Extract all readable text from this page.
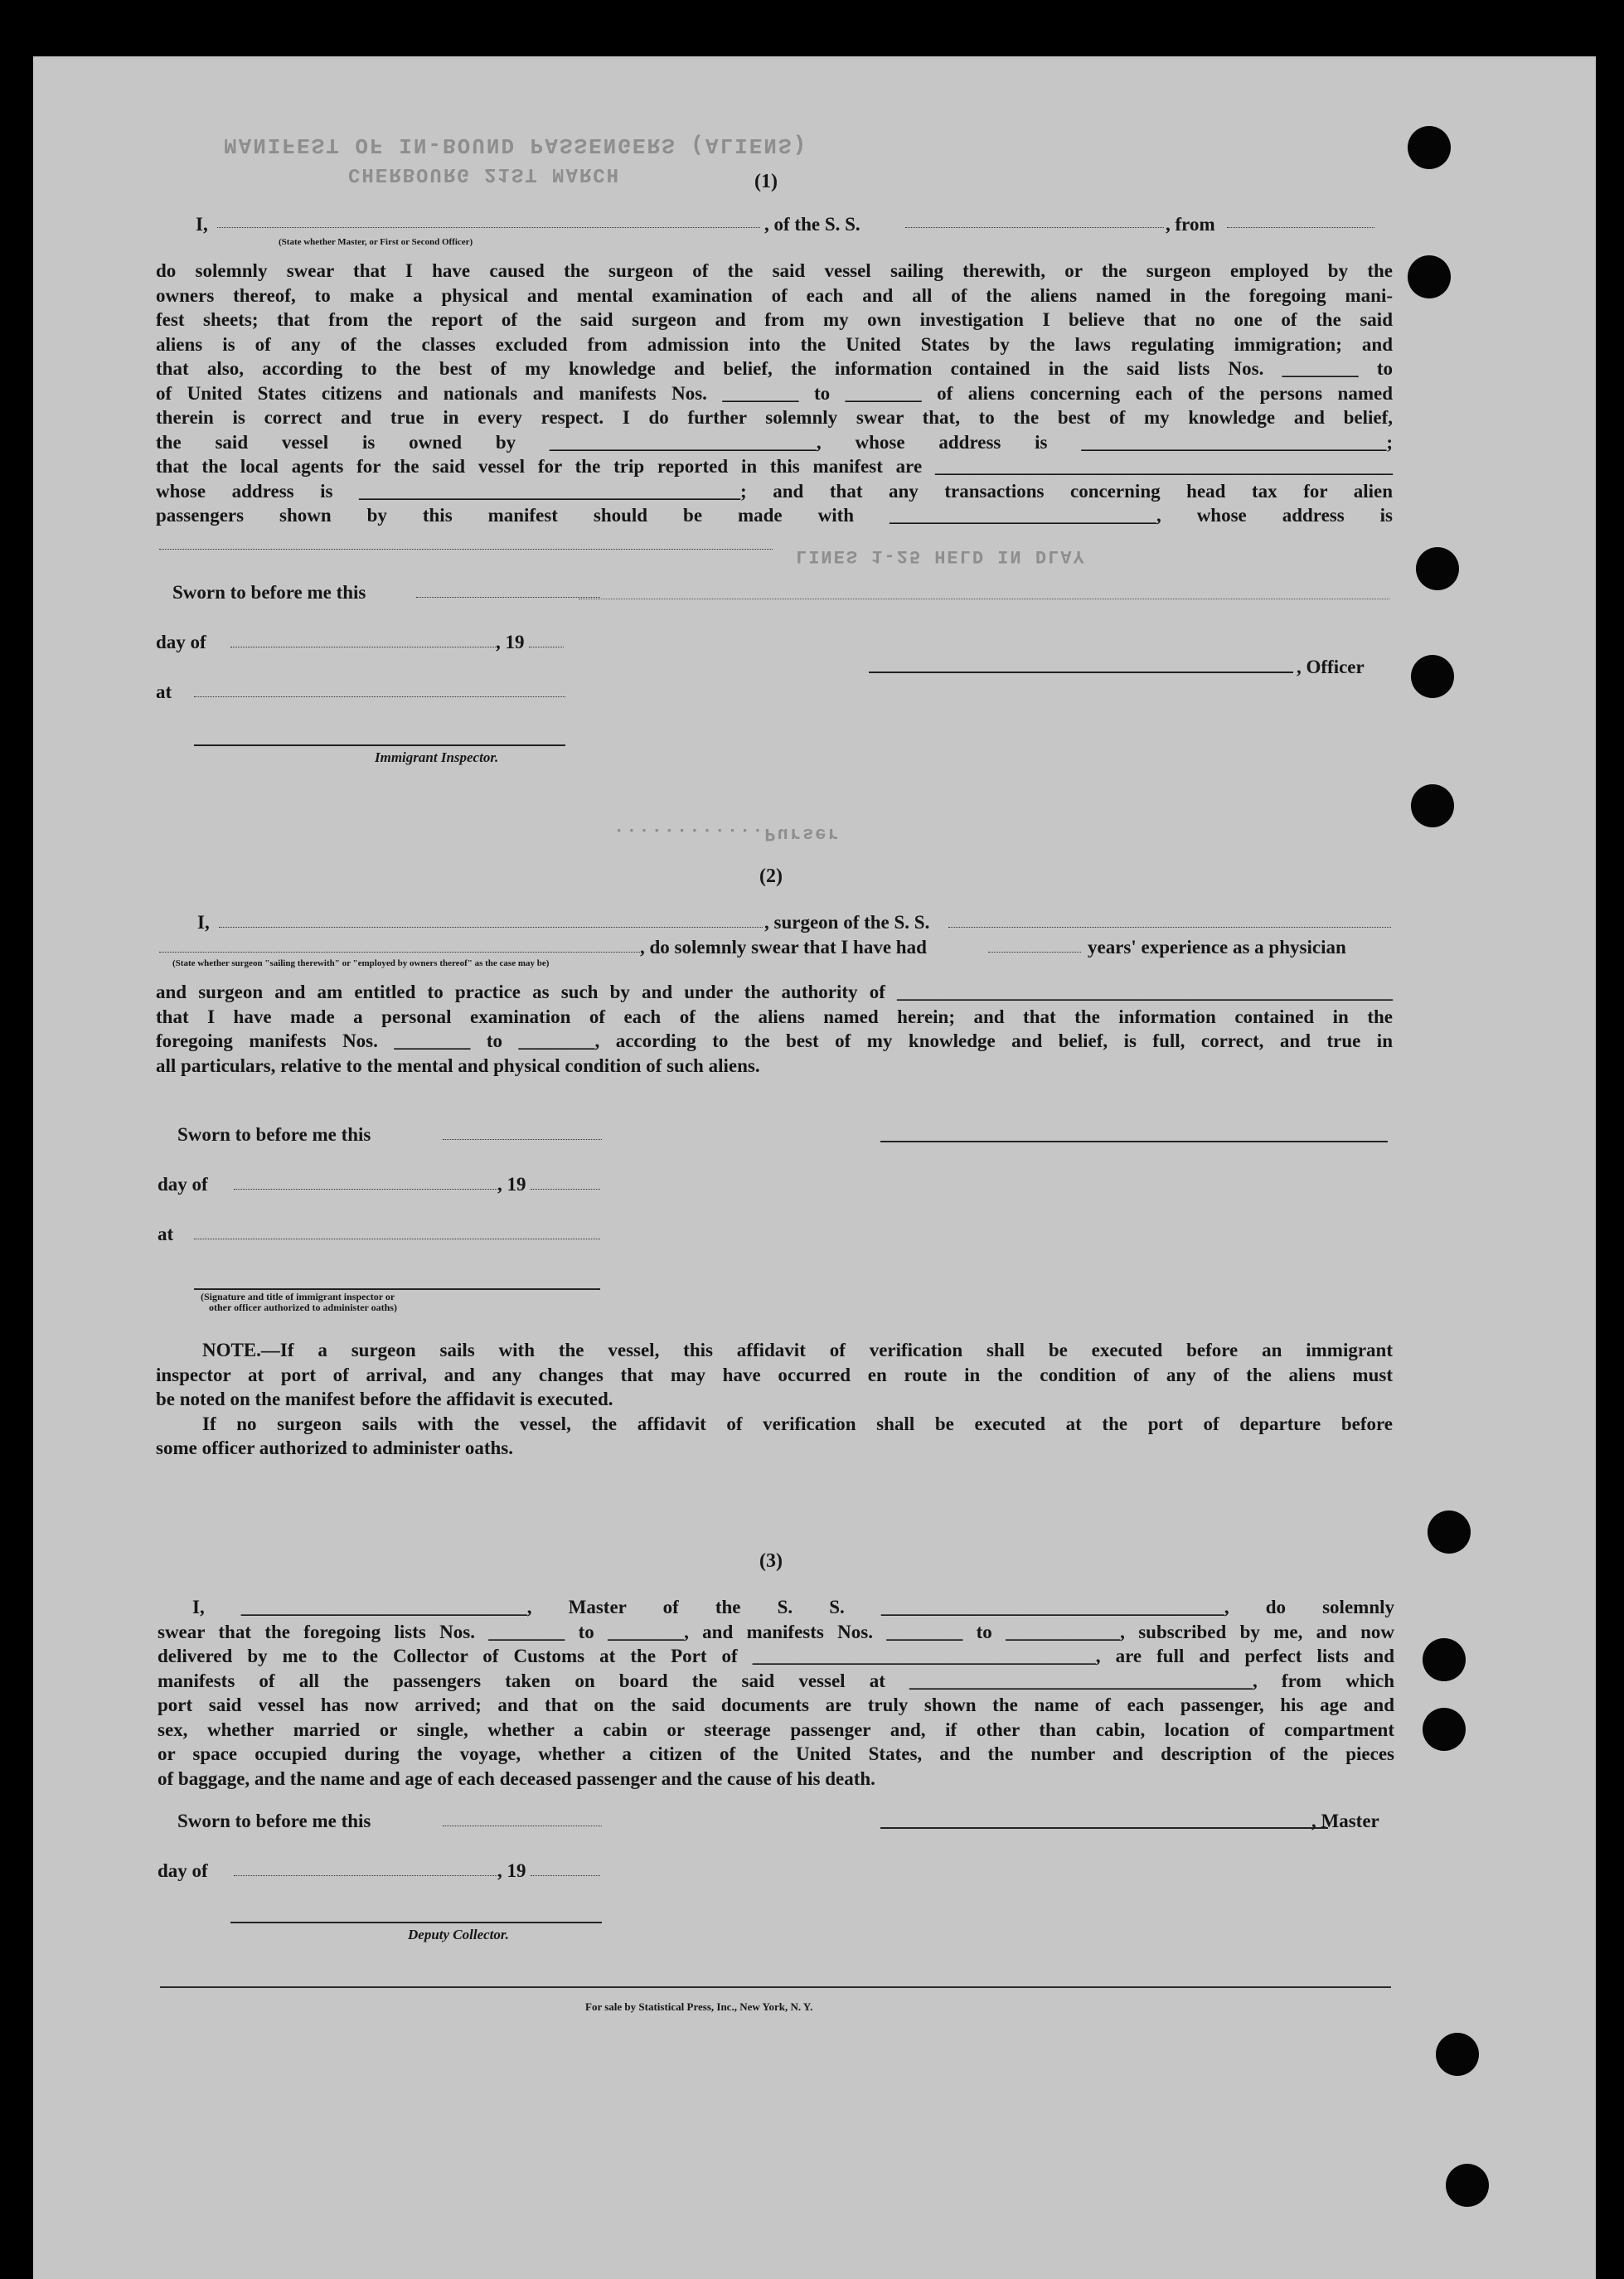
MANIFEST OF IN-BOUND PASSENGERS (ALIENS)
CHERBOURG 21ST MARCH
LINES 1-25 HELD IN DLAY
............Purser
(1)
I,	, of the S. S.	, from
(State whether Master, or First or Second Officer)
do solemnly swear that I have caused the surgeon of the said vessel sailing therewith, or the surgeon employed by the
owners thereof, to make a physical and mental examination of each and all of the aliens named in the foregoing mani-
fest sheets; that from the report of the said surgeon and from my own investigation I believe that no one of the said
aliens is of any of the classes excluded from admission into the United States by the laws regulating immigration; and
that also, according to the best of my knowledge and belief, the information contained in the said lists Nos. ________ to
of United States citizens and nationals and manifests Nos. ________ to ________ of aliens concerning each of the persons named
therein is correct and true in every respect. I do further solemnly swear that, to the best of my knowledge and belief,
the said vessel is owned by ____________________________, whose address is ________________________________;
that the local agents for the said vessel for the trip reported in this manifest are ________________________________________________
whose address is ________________________________________; and that any transactions concerning head tax for alien
passengers shown by this manifest should be made with ____________________________, whose address is
Sworn to before me this
day of	, 19
, Officer
at
Immigrant Inspector.
(2)
I,	, surgeon of the S. S.
, do solemnly swear that I have had	years' experience as a physician
(State whether surgeon "sailing therewith" or "employed by owners thereof" as the case may be)
and surgeon and am entitled to practice as such by and under the authority of ____________________________________________________
that I have made a personal examination of each of the aliens named herein; and that the information contained in the
foregoing manifests Nos. ________ to ________, according to the best of my knowledge and belief, is full, correct, and true in
all particulars, relative to the mental and physical condition of such aliens.
Sworn to before me this
day of	, 19
at
(Signature and title of immigrant inspector or
other officer authorized to administer oaths)
NOTE.—If a surgeon sails with the vessel, this affidavit of verification shall be executed before an immigrant
inspector at port of arrival, and any changes that may have occurred en route in the condition of any of the aliens must
be noted on the manifest before the affidavit is executed.
If no surgeon sails with the vessel, the affidavit of verification shall be executed at the port of departure before
some officer authorized to administer oaths.
(3)
I, ______________________________, Master of the S. S. ____________________________________, do solemnly
swear that the foregoing lists Nos. ________ to ________, and manifests Nos. ________ to ____________, subscribed by me, and now
delivered by me to the Collector of Customs at the Port of ____________________________________, are full and perfect lists and
manifests of all the passengers taken on board the said vessel at ____________________________________, from which
port said vessel has now arrived; and that on the said documents are truly shown the name of each passenger, his age and
sex, whether married or single, whether a cabin or steerage passenger and, if other than cabin, location of compartment
or space occupied during the voyage, whether a citizen of the United States, and the number and description of the pieces
of baggage, and the name and age of each deceased passenger and the cause of his death.
Sworn to before me this	, Master
day of	, 19
Deputy Collector.
For sale by Statistical Press, Inc., New York, N. Y.
